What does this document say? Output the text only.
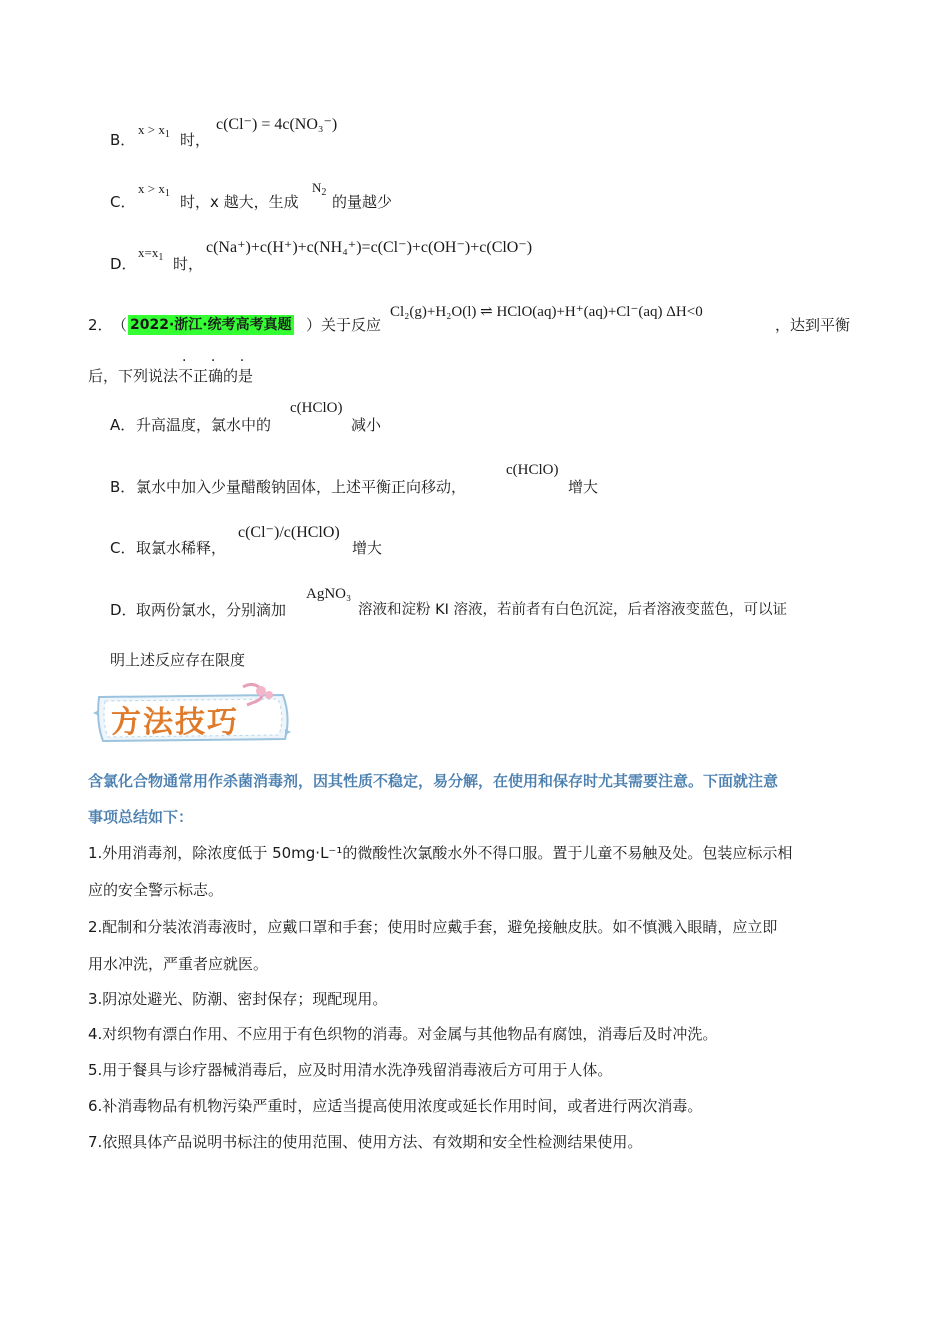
B．
$x > x_1$ 时，
c(Cl⁻) = 4c(NO₃⁻)
C．
$x > x_1$ 时，x 越大，生成
$N_2$
的量越少
D．
$x=x_1$ 时，
c(Na⁺)+c(H⁺)+c(NH₄⁺)=c(Cl⁻)+c(OH⁻)+c(ClO⁻)
2． （ 2022·浙江·统考高考真题 ）关于反应
Cl₂(g)+H₂O(l) ⇌ HClO(aq)+H⁺(aq)+Cl⁻(aq) ΔH<0
，达到平衡
· · ·
后，下列说法不正确的是
A． 升高温度，氯水中的
c(HClO)
减小
B． 氯水中加入少量醋酸钠固体，上述平衡正向移动，
c(HClO)
增大
C． 取氯水稀释，
c(Cl⁻)/c(HClO)
增大
D． 取两份氯水，分别滴加
AgNO₃
溶液和淀粉 KI 溶液，若前者有白色沉淀，后者溶液变蓝色，可以证
明上述反应存在限度
方法技巧
含氯化合物通常用作杀菌消毒剂，因其性质不稳定，易分解，在使用和保存时尤其需要注意。下面就注意
事项总结如下：
1.外用消毒剂，除浓度低于 50mg·L⁻¹的微酸性次氯酸水外不得口服。置于儿童不易触及处。包装应标示相
应的安全警示标志。
2.配制和分装浓消毒液时，应戴口罩和手套；使用时应戴手套，避免接触皮肤。如不慎溅入眼睛，应立即
用水冲洗，严重者应就医。
3.阴凉处避光、防潮、密封保存；现配现用。
4.对织物有漂白作用、不应用于有色织物的消毒。对金属与其他物品有腐蚀，消毒后及时冲洗。
5.用于餐具与诊疗器械消毒后，应及时用清水洗净残留消毒液后方可用于人体。
6.补消毒物品有机物污染严重时，应适当提高使用浓度或延长作用时间，或者进行两次消毒。
7.依照具体产品说明书标注的使用范围、使用方法、有效期和安全性检测结果使用。
